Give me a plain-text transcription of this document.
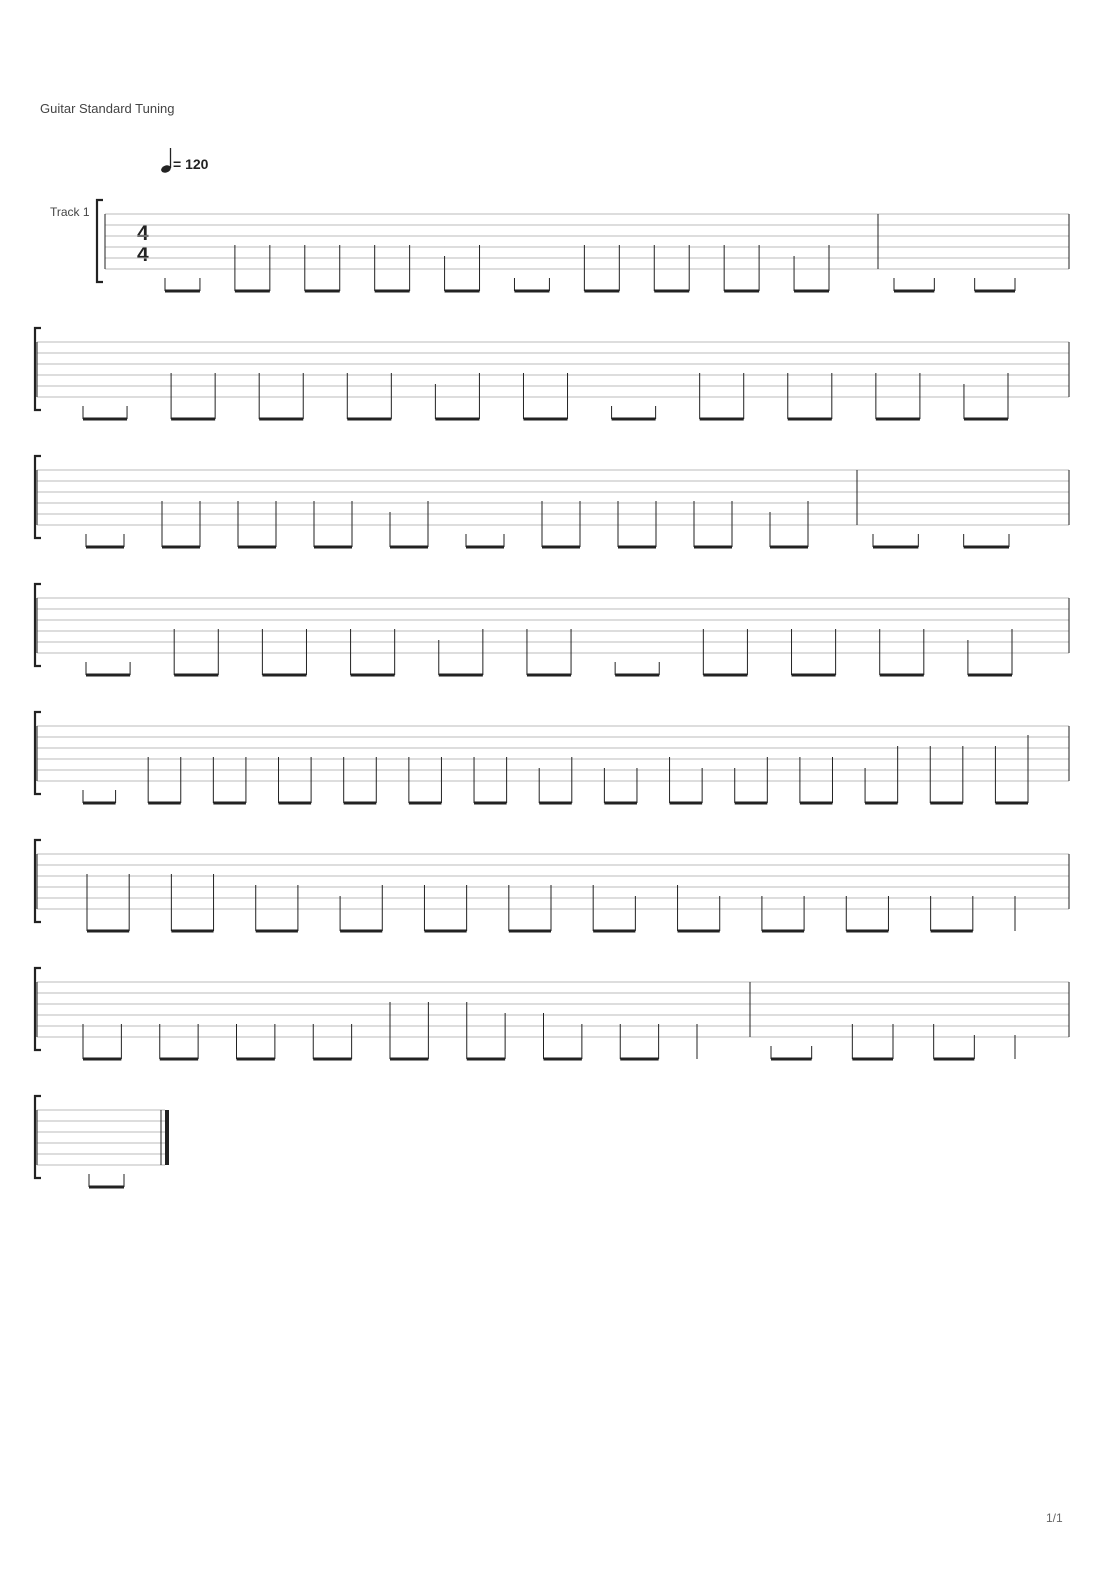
Guitar Standard Tuning
= 120
Track 1
4
4
1/1
